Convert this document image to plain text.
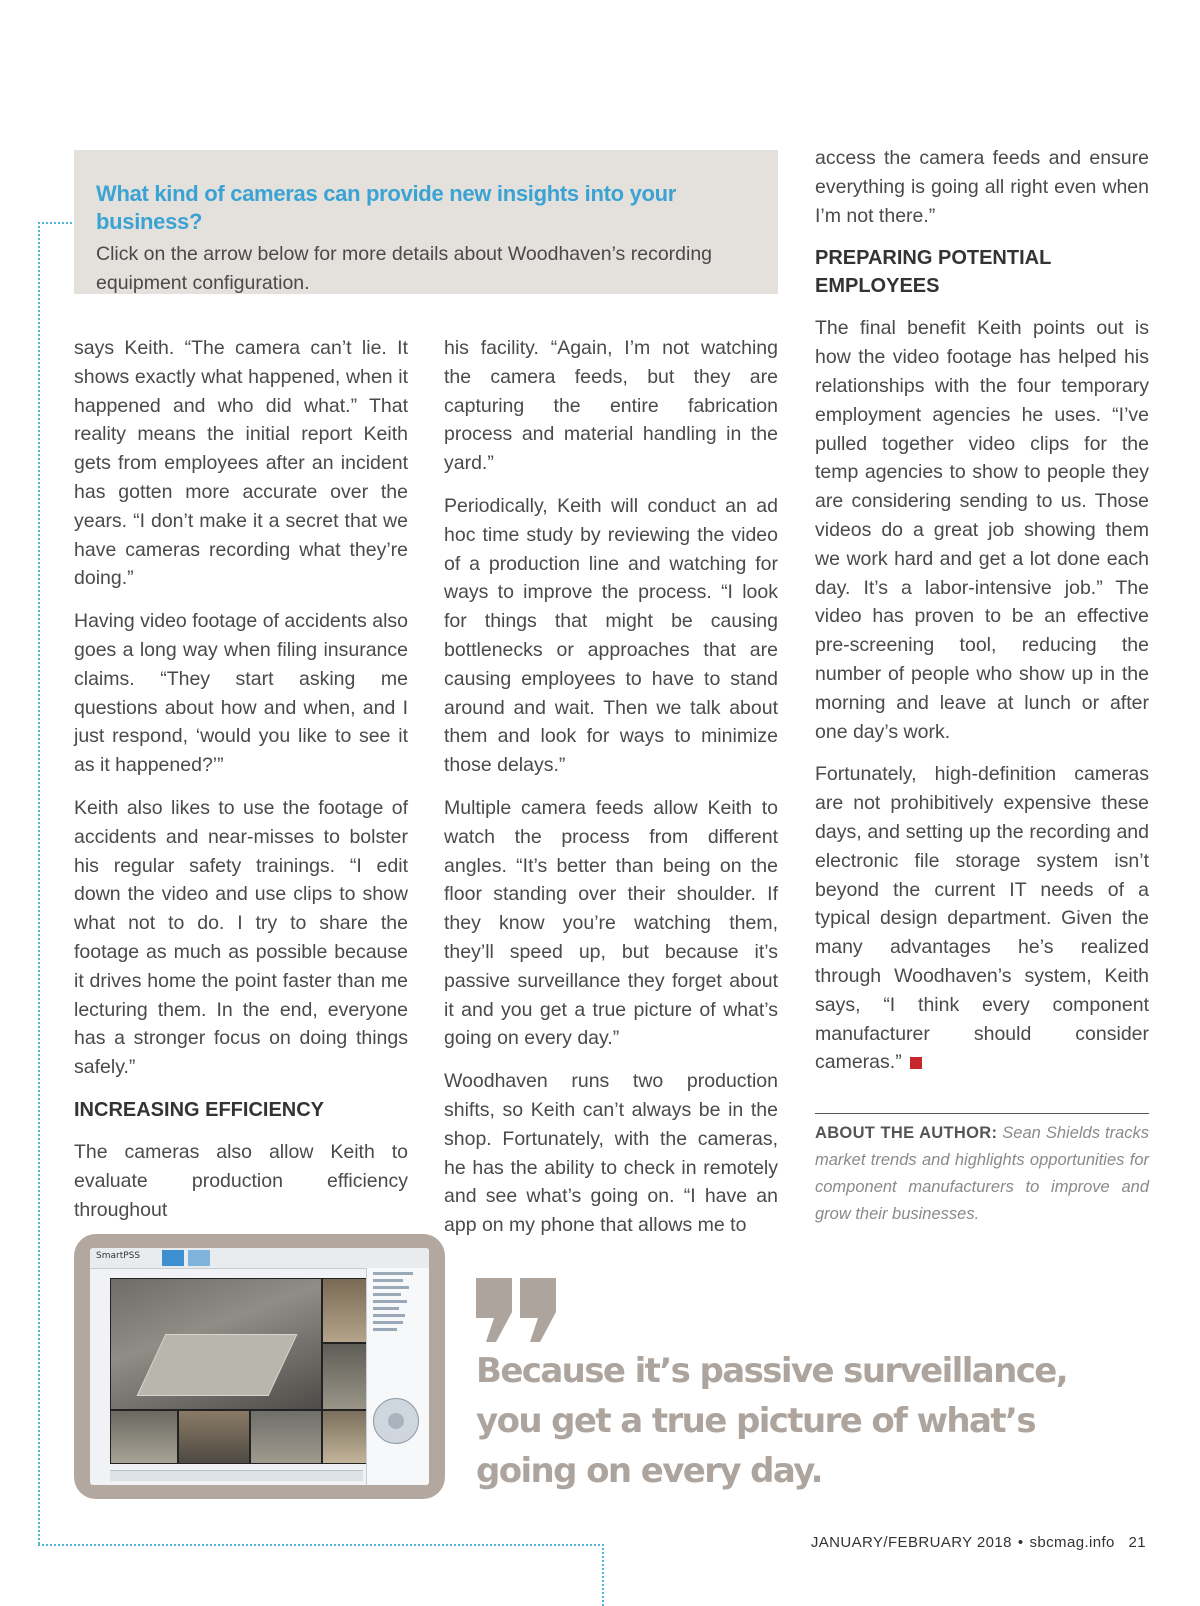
What kind of cameras can provide new insights into your business?

Click on the arrow below for more details about Woodhaven’s recording equipment configuration.

says Keith. “The camera can’t lie. It shows exactly what happened, when it happened and who did what.” That reality means the initial report Keith gets from employees after an incident has gotten more accurate over the years. “I don’t make it a secret that we have cameras recording what they’re doing.”

Having video footage of accidents also goes a long way when filing insurance claims. “They start asking me questions about how and when, and I just respond, ‘would you like to see it as it happened?’”

Keith also likes to use the footage of accidents and near-misses to bolster his regular safety trainings. “I edit down the video and use clips to show what not to do. I try to share the footage as much as possible because it drives home the point faster than me lecturing them. In the end, everyone has a stronger focus on doing things safely.”

INCREASING EFFICIENCY

The cameras also allow Keith to evaluate production efficiency throughout

his facility. “Again, I’m not watching the camera feeds, but they are capturing the entire fabrication process and material handling in the yard.”

Periodically, Keith will conduct an ad hoc time study by reviewing the video of a production line and watching for ways to improve the process. “I look for things that might be causing bottlenecks or approaches that are causing employees to have to stand around and wait. Then we talk about them and look for ways to minimize those delays.”

Multiple camera feeds allow Keith to watch the process from different angles. “It’s better than being on the floor standing over their shoulder. If they know you’re watching them, they’ll speed up, but because it’s passive surveillance they forget about it and you get a true picture of what’s going on every day.”

Woodhaven runs two production shifts, so Keith can’t always be in the shop. Fortunately, with the cameras, he has the ability to check in remotely and see what’s going on. “I have an app on my phone that allows me to

access the camera feeds and ensure everything is going all right even when I’m not there.”

PREPARING POTENTIAL EMPLOYEES

The final benefit Keith points out is how the video footage has helped his relationships with the four temporary employment agencies he uses. “I’ve pulled together video clips for the temp agencies to show to people they are considering sending to us. Those videos do a great job showing them we work hard and get a lot done each day. It’s a labor-intensive job.” The video has proven to be an effective pre-screening tool, reducing the number of people who show up in the morning and leave at lunch or after one day’s work.

Fortunately, high-definition cameras are not prohibitively expensive these days, and setting up the recording and electronic file storage system isn’t beyond the current IT needs of a typical design department. Given the many advantages he’s realized through Woodhaven’s system, Keith says, “I think every component manufacturer should consider cameras.”

ABOUT THE AUTHOR: Sean Shields tracks market trends and highlights opportunities for component manufacturers to improve and grow their businesses.
SmartPSS
Because it’s passive surveillance, you get a true picture of what’s going on every day.
JANUARY/FEBRUARY 2018 • sbcmag.info 21
